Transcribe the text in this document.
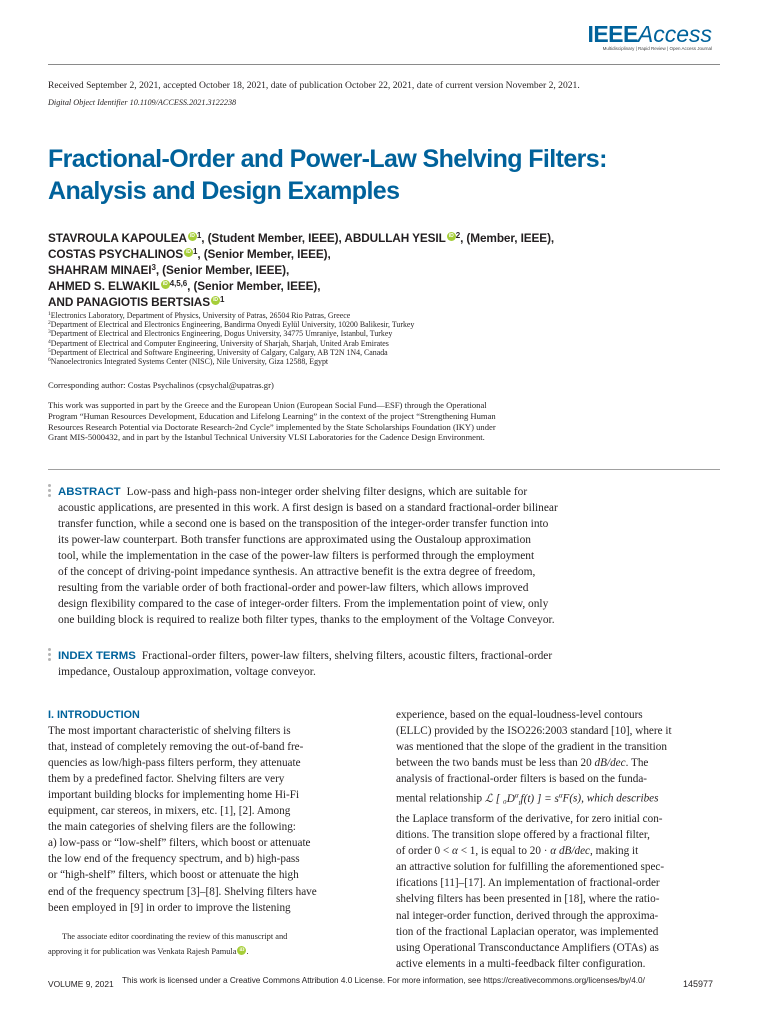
IEEEAccess
Multidisciplinary | Rapid Review | Open Access Journal
Received September 2, 2021, accepted October 18, 2021, date of publication October 22, 2021, date of current version November 2, 2021.
Digital Object Identifier 10.1109/ACCESS.2021.3122238
Fractional-Order and Power-Law Shelving Filters:
Analysis and Design Examples
STAVROULA KAPOULEA iD $^1$, (Student Member, IEEE), ABDULLAH YESIL iD $^2$, (Member, IEEE),
COSTAS PSYCHALINOS iD $^1$, (Senior Member, IEEE),
SHAHRAM MINAEI$^3$, (Senior Member, IEEE),
AHMED S. ELWAKIL iD $^{4,5,6}$, (Senior Member, IEEE),
AND PANAGIOTIS BERTSIAS iD $^1$
$^1$Electronics Laboratory, Department of Physics, University of Patras, 26504 Rio Patras, Greece
$^2$Department of Electrical and Electronics Engineering, Bandirma Onyedi Eylül University, 10200 Balikesir, Turkey
$^3$Department of Electrical and Electronics Engineering, Dogus University, 34775 Umraniye, Istanbul, Turkey
$^4$Department of Electrical and Computer Engineering, University of Sharjah, Sharjah, United Arab Emirates
$^5$Department of Electrical and Software Engineering, University of Calgary, Calgary, AB T2N 1N4, Canada
$^6$Nanoelectronics Integrated Systems Center (NISC), Nile University, Giza 12588, Egypt
Corresponding author: Costas Psychalinos (cpsychal@upatras.gr)
This work was supported in part by the Greece and the European Union (European Social Fund—ESF) through the Operational
Program “Human Resources Development, Education and Lifelong Learning” in the context of the project “Strengthening Human
Resources Research Potential via Doctorate Research-2nd Cycle” implemented by the State Scholarships Foundation (IKY) under
Grant MIS-5000432, and in part by the Istanbul Technical University VLSI Laboratories for the Cadence Design Environment.
ABSTRACT Low-pass and high-pass non-integer order shelving filter designs, which are suitable for
acoustic applications, are presented in this work. A first design is based on a standard fractional-order bilinear
transfer function, while a second one is based on the transposition of the integer-order transfer function into
its power-law counterpart. Both transfer functions are approximated using the Oustaloup approximation
tool, while the implementation in the case of the power-law filters is performed through the employment
of the concept of driving-point impedance synthesis. An attractive benefit is the extra degree of freedom,
resulting from the variable order of both fractional-order and power-law filters, which allows improved
design flexibility compared to the case of integer-order filters. From the implementation point of view, only
one building block is required to realize both filter types, thanks to the employment of the Voltage Conveyor.
INDEX TERMS Fractional-order filters, power-law filters, shelving filters, acoustic filters, fractional-order
impedance, Oustaloup approximation, voltage conveyor.
I. INTRODUCTION
The most important characteristic of shelving filters is
that, instead of completely removing the out-of-band fre-
quencies as low/high-pass filters perform, they attenuate
them by a predefined factor. Shelving filters are very
important building blocks for implementing home Hi-Fi
equipment, car stereos, in mixers, etc. [1], [2]. Among
the main categories of shelving filers are the following:
a) low-pass or “low-shelf” filters, which boost or attenuate
the low end of the frequency spectrum, and b) high-pass
or “high-shelf” filters, which boost or attenuate the high
end of the frequency spectrum [3]–[8]. Shelving filters have
been employed in [9] in order to improve the listening
The associate editor coordinating the review of this manuscript and
approving it for publication was Venkata Rajesh Pamula iD .
experience, based on the equal-loudness-level contours
(ELLC) provided by the ISO226:2003 standard [10], where it
was mentioned that the slope of the gradient in the transition
between the two bands must be less than 20 dB/dec. The
analysis of fractional-order filters is based on the funda-
mental relationship ℒ [ $_0D^\alpha_tf(t)$ ] = $s^\alpha F(s)$, which describes
the Laplace transform of the derivative, for zero initial con-
ditions. The transition slope offered by a fractional filter,
of order 0 < α < 1, is equal to 20 · α dB/dec, making it
an attractive solution for fulfilling the aforementioned spec-
ifications [11]–[17]. An implementation of fractional-order
shelving filters has been presented in [18], where the ratio-
nal integer-order function, derived through the approxima-
tion of the fractional Laplacian operator, was implemented
using Operational Transconductance Amplifiers (OTAs) as
active elements in a multi-feedback filter configuration.
VOLUME 9, 2021 This work is licensed under a Creative Commons Attribution 4.0 License. For more information, see https://creativecommons.org/licenses/by/4.0/	145977
